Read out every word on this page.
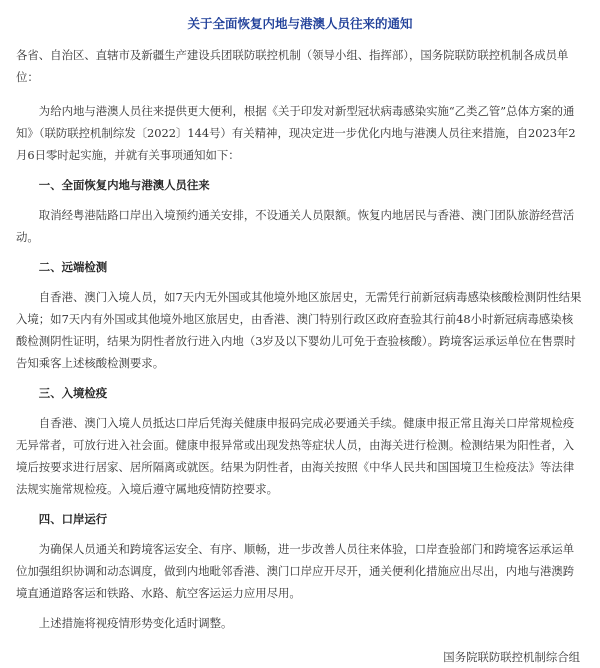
关于全面恢复内地与港澳人员往来的通知

各省、自治区、直辖市及新疆生产建设兵团联防联控机制（领导小组、指挥部），国务院联防联控机制各成员单位：

为给内地与港澳人员往来提供更大便利，根据《关于印发对新型冠状病毒感染实施“乙类乙管”总体方案的通知》（联防联控机制综发〔2022〕144号）有关精神，现决定进一步优化内地与港澳人员往来措施，自2023年2月6日零时起实施，并就有关事项通知如下：

一、全面恢复内地与港澳人员往来

取消经粤港陆路口岸出入境预约通关安排，不设通关人员限额。恢复内地居民与香港、澳门团队旅游经营活动。

二、远端检测

自香港、澳门入境人员，如7天内无外国或其他境外地区旅居史，无需凭行前新冠病毒感染核酸检测阴性结果入境；如7天内有外国或其他境外地区旅居史，由香港、澳门特别行政区政府查验其行前48小时新冠病毒感染核酸检测阴性证明，结果为阴性者放行进入内地（3岁及以下婴幼儿可免于查验核酸）。跨境客运承运单位在售票时告知乘客上述核酸检测要求。

三、入境检疫

自香港、澳门入境人员抵达口岸后凭海关健康申报码完成必要通关手续。健康申报正常且海关口岸常规检疫无异常者，可放行进入社会面。健康申报异常或出现发热等症状人员，由海关进行检测。检测结果为阳性者，入境后按要求进行居家、居所隔离或就医。结果为阴性者，由海关按照《中华人民共和国国境卫生检疫法》等法律法规实施常规检疫。入境后遵守属地疫情防控要求。

四、口岸运行

为确保人员通关和跨境客运安全、有序、顺畅，进一步改善人员往来体验，口岸查验部门和跨境客运承运单位加强组织协调和动态调度，做到内地毗邻香港、澳门口岸应开尽开，通关便利化措施应出尽出，内地与港澳跨境直通道路客运和铁路、水路、航空客运运力应用尽用。

上述措施将视疫情形势变化适时调整。

国务院联防联控机制综合组
